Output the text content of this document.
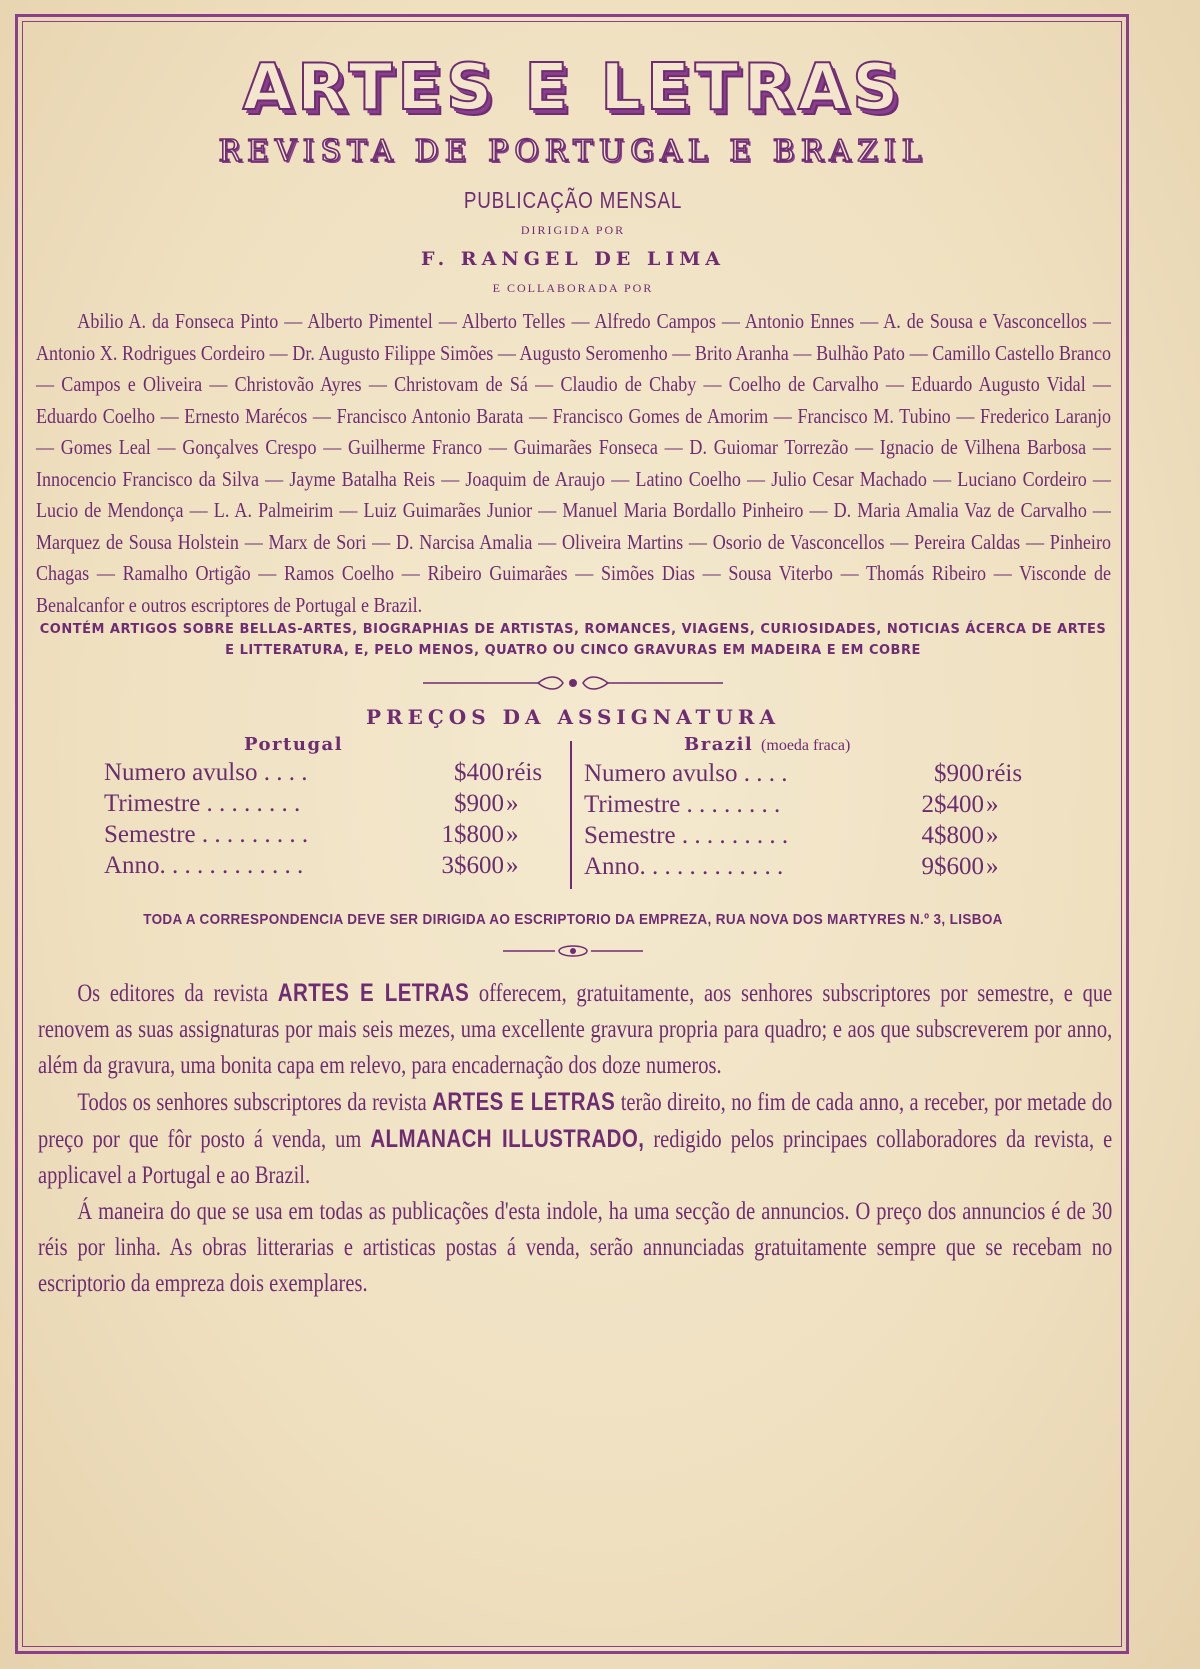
ARTES E LETRAS
REVISTA DE PORTUGAL E BRAZIL
PUBLICAÇÃO MENSAL
DIRIGIDA POR
F. RANGEL DE LIMA
E COLLABORADA POR
Abilio A. da Fonseca Pinto — Alberto Pimentel — Alberto Telles — Alfredo Campos — Antonio Ennes — A. de Sousa e Vasconcellos — Antonio X. Rodrigues Cordeiro — Dr. Augusto Filippe Simões — Augusto Seromenho — Brito Aranha — Bulhão Pato — Camillo Castello Branco — Campos e Oliveira — Christovão Ayres — Christovam de Sá — Claudio de Chaby — Coelho de Carvalho — Eduardo Augusto Vidal — Eduardo Coelho — Ernesto Marécos — Francisco Antonio Barata — Francisco Gomes de Amorim — Francisco M. Tubino — Frederico Laranjo — Gomes Leal — Gonçalves Crespo — Guilherme Franco — Guimarães Fonseca — D. Guiomar Torrezão — Ignacio de Vilhena Barbosa — Innocencio Francisco da Silva — Jayme Batalha Reis — Joaquim de Araujo — Latino Coelho — Julio Cesar Machado — Luciano Cordeiro — Lucio de Mendonça — L. A. Palmeirim — Luiz Guimarães Junior — Manuel Maria Bordallo Pinheiro — D. Maria Amalia Vaz de Carvalho — Marquez de Sousa Holstein — Marx de Sori — D. Narcisa Amalia — Oliveira Martins — Osorio de Vasconcellos — Pereira Caldas — Pinheiro Chagas — Ramalho Ortigão — Ramos Coelho — Ribeiro Guimarães — Simões Dias — Sousa Viterbo — Thomás Ribeiro — Visconde de Benalcanfor e outros escriptores de Portugal e Brazil.
CONTÉM ARTIGOS SOBRE BELLAS-ARTES, BIOGRAPHIAS DE ARTISTAS, ROMANCES, VIAGENS, CURIOSIDADES, NOTICIAS ÁCERCA DE ARTES
E LITTERATURA, E, PELO MENOS, QUATRO OU CINCO GRAVURAS EM MADEIRA E EM COBRE
PREÇOS DA ASSIGNATURA
Portugal
Numero avulso . . . .	$400 réis
Trimestre . . . . . . . .	$900 »
Semestre . . . . . . . . .	1$800 »
Anno. . . . . . . . . . . .	3$600 »
Brazil (moeda fraca)
Numero avulso . . . .	$900 réis
Trimestre . . . . . . . .	2$400 »
Semestre . . . . . . . . .	4$800 »
Anno. . . . . . . . . . . .	9$600 »
TODA A CORRESPONDENCIA DEVE SER DIRIGIDA AO ESCRIPTORIO DA EMPREZA, RUA NOVA DOS MARTYRES N.º 3, LISBOA
Os editores da revista ARTES E LETRAS offerecem, gratuitamente, aos senhores subscriptores por semestre, e que renovem as suas assignaturas por mais seis mezes, uma excellente gravura propria para quadro; e aos que subscreverem por anno, além da gravura, uma bonita capa em relevo, para encadernação dos doze numeros.
Todos os senhores subscriptores da revista ARTES E LETRAS terão direito, no fim de cada anno, a receber, por metade do preço por que fôr posto á venda, um ALMANACH ILLUSTRADO, redigido pelos principaes collaboradores da revista, e applicavel a Portugal e ao Brazil.
Á maneira do que se usa em todas as publicações d'esta indole, ha uma secção de annuncios. O preço dos annuncios é de 30 réis por linha. As obras litterarias e artisticas postas á venda, serão annunciadas gratuitamente sempre que se recebam no escriptorio da empreza dois exemplares.
